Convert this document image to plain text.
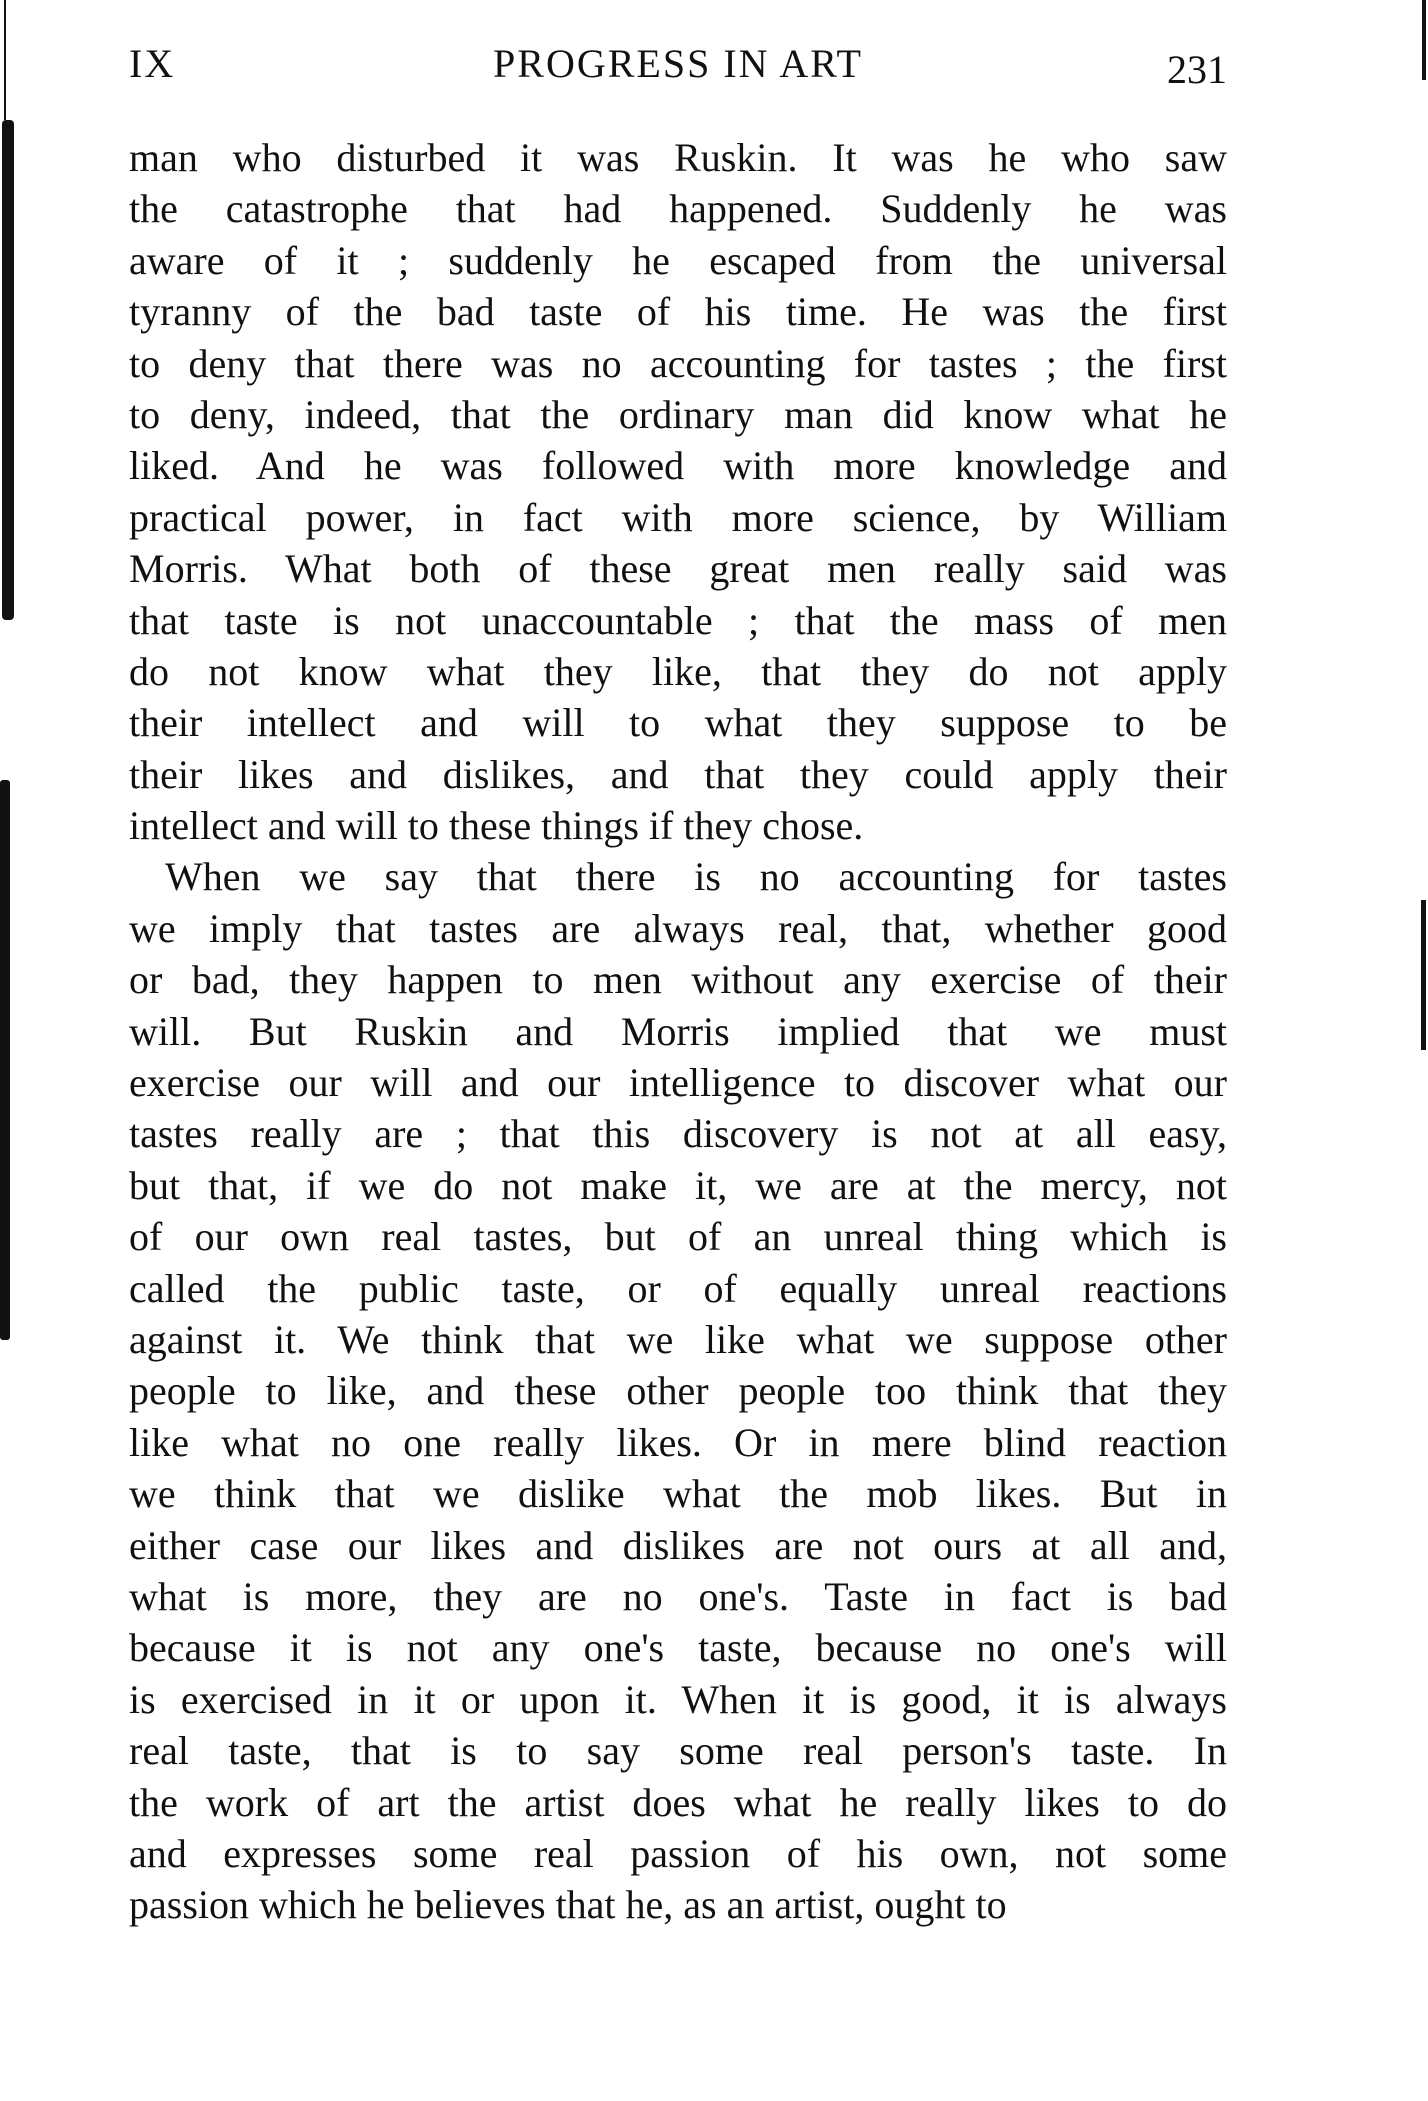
IX	PROGRESS IN ART	231
man who disturbed it was Ruskin. It was he who saw
the catastrophe that had happened. Suddenly he was
aware of it ; suddenly he escaped from the universal
tyranny of the bad taste of his time. He was the first
to deny that there was no accounting for tastes ; the first
to deny, indeed, that the ordinary man did know what he
liked. And he was followed with more knowledge and
practical power, in fact with more science, by William
Morris. What both of these great men really said was
that taste is not unaccountable ; that the mass of men
do not know what they like, that they do not apply
their intellect and will to what they suppose to be
their likes and dislikes, and that they could apply their
intellect and will to these things if they chose.
When we say that there is no accounting for tastes
we imply that tastes are always real, that, whether good
or bad, they happen to men without any exercise of their
will. But Ruskin and Morris implied that we must
exercise our will and our intelligence to discover what our
tastes really are ; that this discovery is not at all easy,
but that, if we do not make it, we are at the mercy, not
of our own real tastes, but of an unreal thing which is
called the public taste, or of equally unreal reactions
against it. We think that we like what we suppose other
people to like, and these other people too think that they
like what no one really likes. Or in mere blind reaction
we think that we dislike what the mob likes. But in
either case our likes and dislikes are not ours at all and,
what is more, they are no one's. Taste in fact is bad
because it is not any one's taste, because no one's will
is exercised in it or upon it. When it is good, it is always
real taste, that is to say some real person's taste. In
the work of art the artist does what he really likes to do
and expresses some real passion of his own, not some
passion which he believes that he, as an artist, ought to
